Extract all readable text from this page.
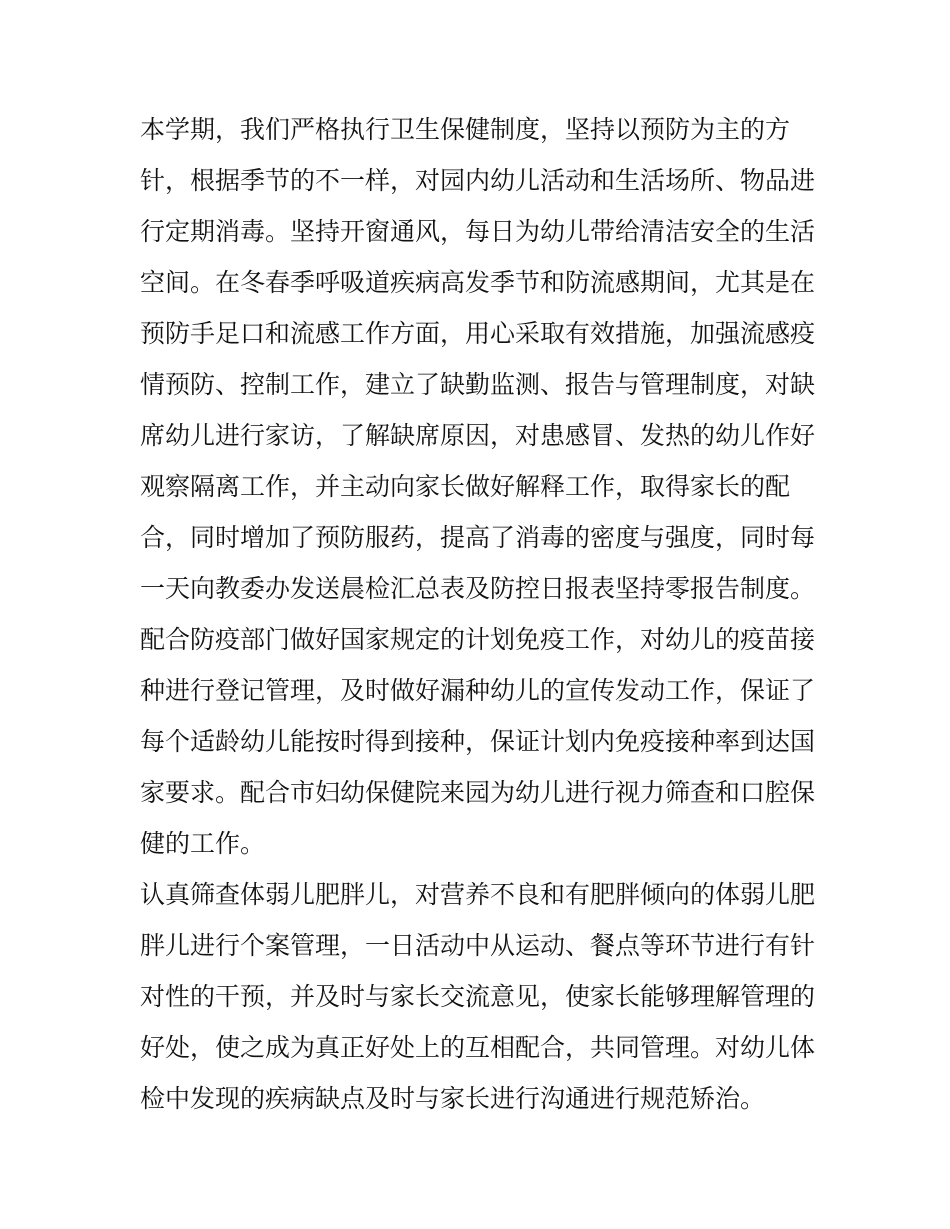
本学期，我们严格执行卫生保健制度，坚持以预防为主的方
针，根据季节的不一样，对园内幼儿活动和生活场所、物品进
行定期消毒。坚持开窗通风，每日为幼儿带给清洁安全的生活
空间。在冬春季呼吸道疾病高发季节和防流感期间，尤其是在
预防手足口和流感工作方面，用心采取有效措施，加强流感疫
情预防、控制工作，建立了缺勤监测、报告与管理制度，对缺
席幼儿进行家访，了解缺席原因，对患感冒、发热的幼儿作好
观察隔离工作，并主动向家长做好解释工作，取得家长的配
合，同时增加了预防服药，提高了消毒的密度与强度，同时每
一天向教委办发送晨检汇总表及防控日报表坚持零报告制度。
配合防疫部门做好国家规定的计划免疫工作，对幼儿的疫苗接
种进行登记管理，及时做好漏种幼儿的宣传发动工作，保证了
每个适龄幼儿能按时得到接种，保证计划内免疫接种率到达国
家要求。配合市妇幼保健院来园为幼儿进行视力筛查和口腔保
健的工作。
认真筛查体弱儿肥胖儿，对营养不良和有肥胖倾向的体弱儿肥
胖儿进行个案管理，一日活动中从运动、餐点等环节进行有针
对性的干预，并及时与家长交流意见，使家长能够理解管理的
好处，使之成为真正好处上的互相配合，共同管理。对幼儿体
检中发现的疾病缺点及时与家长进行沟通进行规范矫治。
